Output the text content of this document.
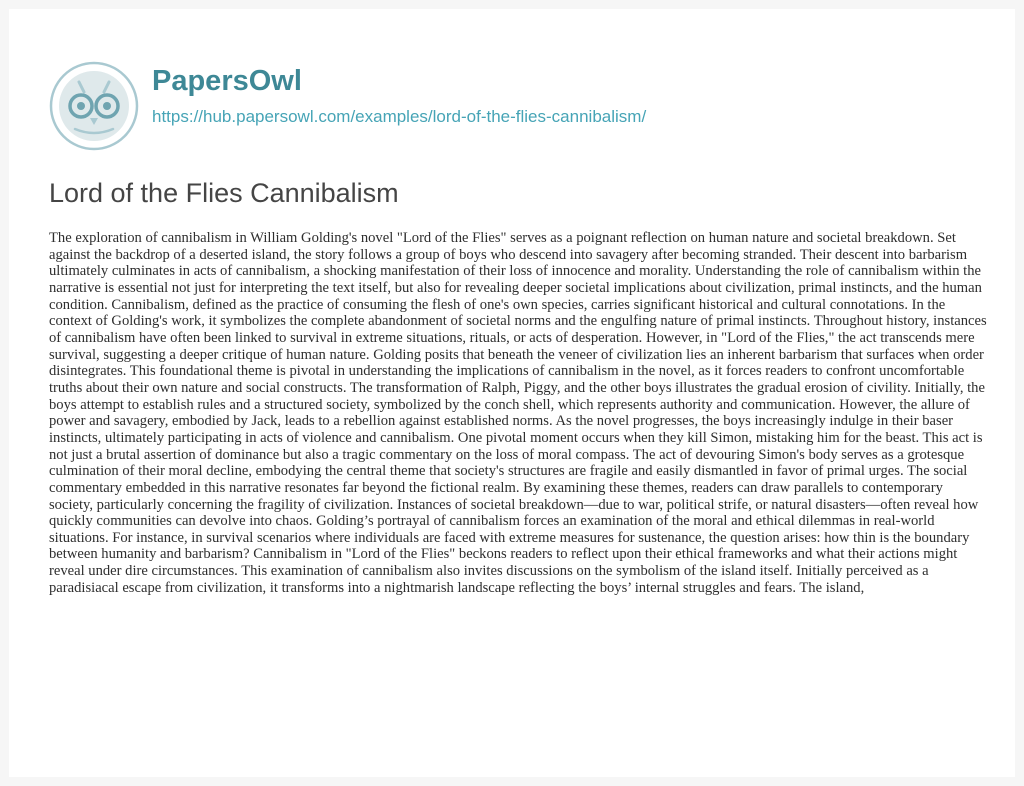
PapersOwl
https://hub.papersowl.com/examples/lord-of-the-flies-cannibalism/
Lord of the Flies Cannibalism

The exploration of cannibalism in William Golding's novel "Lord of the Flies" serves as a poignant reflection on human nature and societal breakdown. Set against the backdrop of a deserted island, the story follows a group of boys who descend into savagery after becoming stranded. Their descent into barbarism ultimately culminates in acts of cannibalism, a shocking manifestation of their loss of innocence and morality. Understanding the role of cannibalism within the narrative is essential not just for interpreting the text itself, but also for revealing deeper societal implications about civilization, primal instincts, and the human condition. Cannibalism, defined as the practice of consuming the flesh of one's own species, carries significant historical and cultural connotations. In the context of Golding's work, it symbolizes the complete abandonment of societal norms and the engulfing nature of primal instincts. Throughout history, instances of cannibalism have often been linked to survival in extreme situations, rituals, or acts of desperation. However, in "Lord of the Flies," the act transcends mere survival, suggesting a deeper critique of human nature. Golding posits that beneath the veneer of civilization lies an inherent barbarism that surfaces when order disintegrates. This foundational theme is pivotal in understanding the implications of cannibalism in the novel, as it forces readers to confront uncomfortable truths about their own nature and social constructs. The transformation of Ralph, Piggy, and the other boys illustrates the gradual erosion of civility. Initially, the boys attempt to establish rules and a structured society, symbolized by the conch shell, which represents authority and communication. However, the allure of power and savagery, embodied by Jack, leads to a rebellion against established norms. As the novel progresses, the boys increasingly indulge in their baser instincts, ultimately participating in acts of violence and cannibalism. One pivotal moment occurs when they kill Simon, mistaking him for the beast. This act is not just a brutal assertion of dominance but also a tragic commentary on the loss of moral compass. The act of devouring Simon's body serves as a grotesque culmination of their moral decline, embodying the central theme that society's structures are fragile and easily dismantled in favor of primal urges. The social commentary embedded in this narrative resonates far beyond the fictional realm. By examining these themes, readers can draw parallels to contemporary society, particularly concerning the fragility of civilization. Instances of societal breakdown—due to war, political strife, or natural disasters—often reveal how quickly communities can devolve into chaos. Golding’s portrayal of cannibalism forces an examination of the moral and ethical dilemmas in real-world situations. For instance, in survival scenarios where individuals are faced with extreme measures for sustenance, the question arises: how thin is the boundary between humanity and barbarism? Cannibalism in "Lord of the Flies" beckons readers to reflect upon their ethical frameworks and what their actions might reveal under dire circumstances. This examination of cannibalism also invites discussions on the symbolism of the island itself. Initially perceived as a paradisiacal escape from civilization, it transforms into a nightmarish landscape reflecting the boys’ internal struggles and fears. The island,
